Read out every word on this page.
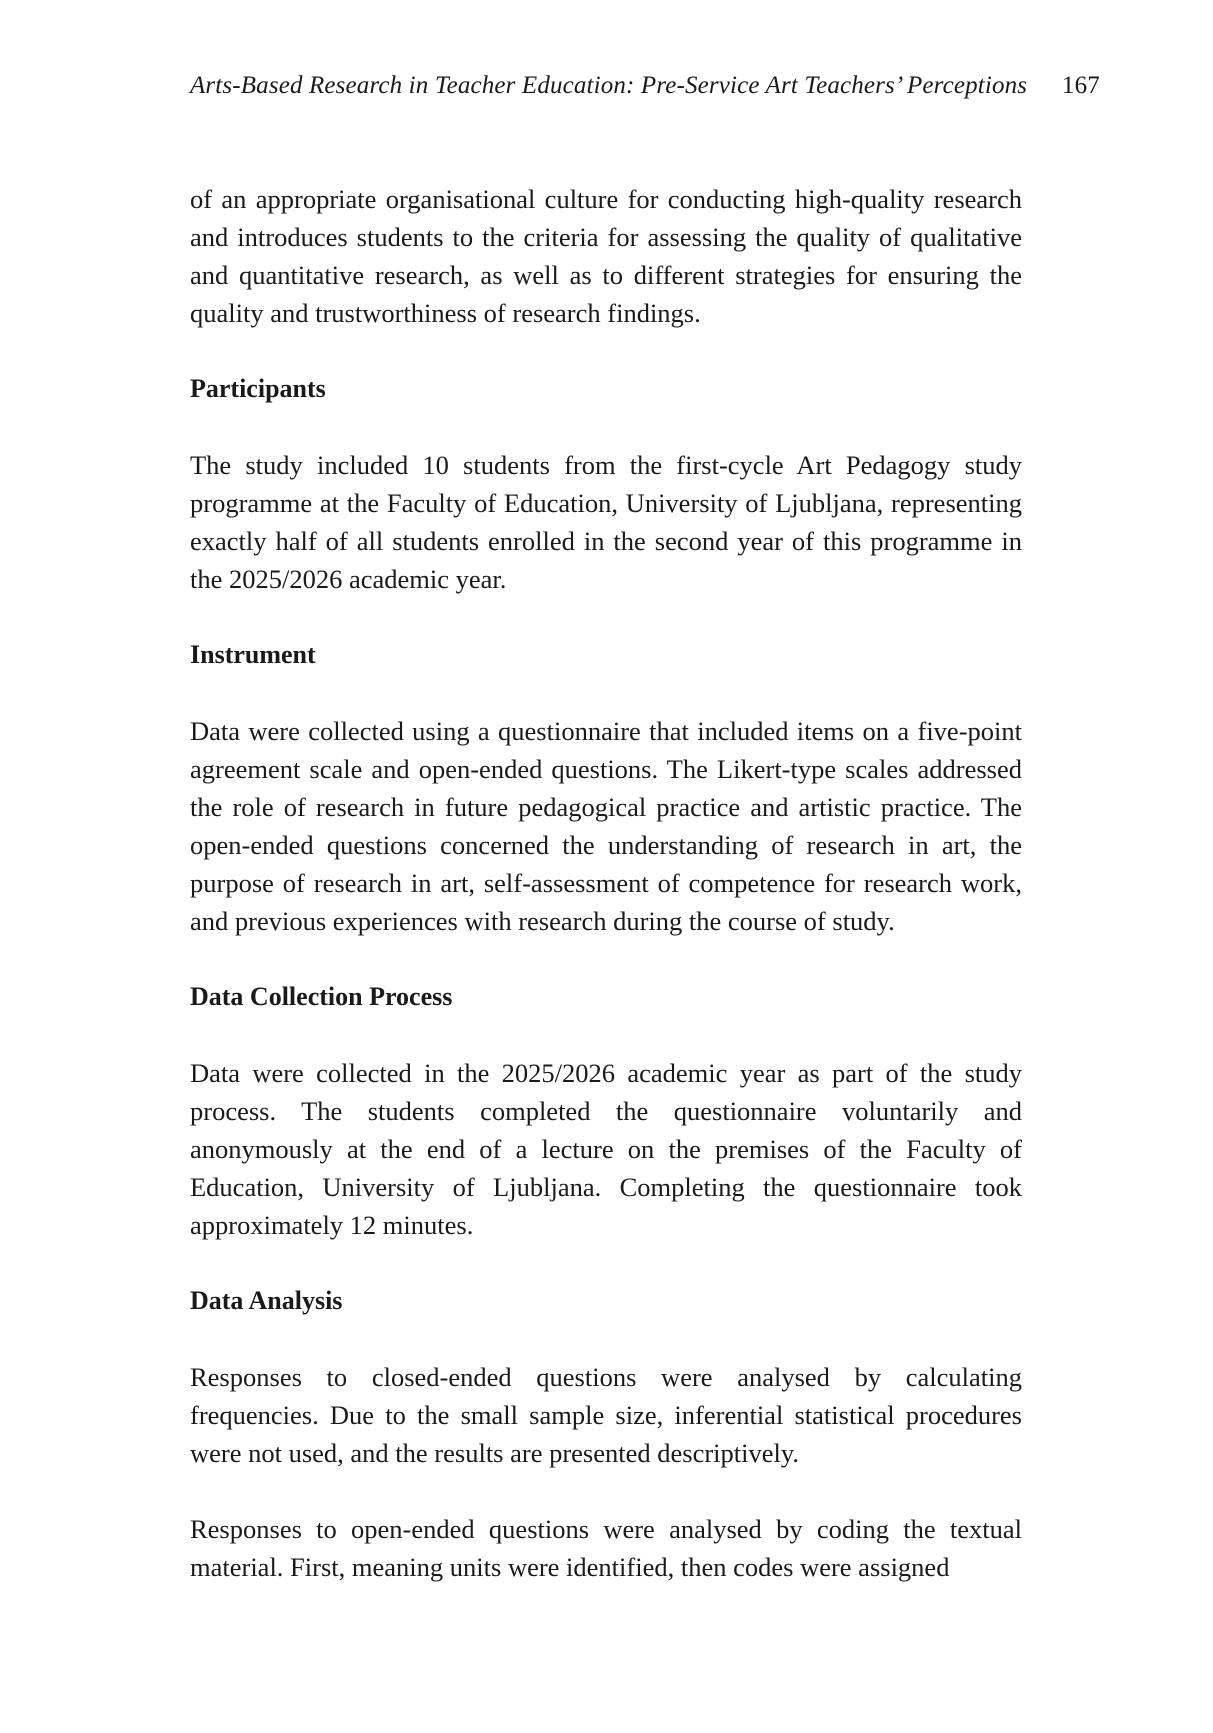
Arts-Based Research in Teacher Education: Pre-Service Art Teachers’ Perceptions 167

of an appropriate organisational culture for conducting high-quality research and introduces students to the criteria for assessing the quality of qualitative and quantitative research, as well as to different strategies for ensuring the quality and trustworthiness of research findings.

Participants

The study included 10 students from the first-cycle Art Pedagogy study programme at the Faculty of Education, University of Ljubljana, representing exactly half of all students enrolled in the second year of this programme in the 2025/2026 academic year.

Instrument

Data were collected using a questionnaire that included items on a five-point agreement scale and open-ended questions. The Likert-type scales addressed the role of research in future pedagogical practice and artistic practice. The open-ended questions concerned the understanding of research in art, the purpose of research in art, self-assessment of competence for research work, and previous experiences with research during the course of study.

Data Collection Process

Data were collected in the 2025/2026 academic year as part of the study process. The students completed the questionnaire voluntarily and anonymously at the end of a lecture on the premises of the Faculty of Education, University of Ljubljana. Completing the questionnaire took approximately 12 minutes.

Data Analysis

Responses to closed-ended questions were analysed by calculating frequencies. Due to the small sample size, inferential statistical procedures were not used, and the results are presented descriptively.

Responses to open-ended questions were analysed by coding the textual material. First, meaning units were identified, then codes were assigned
